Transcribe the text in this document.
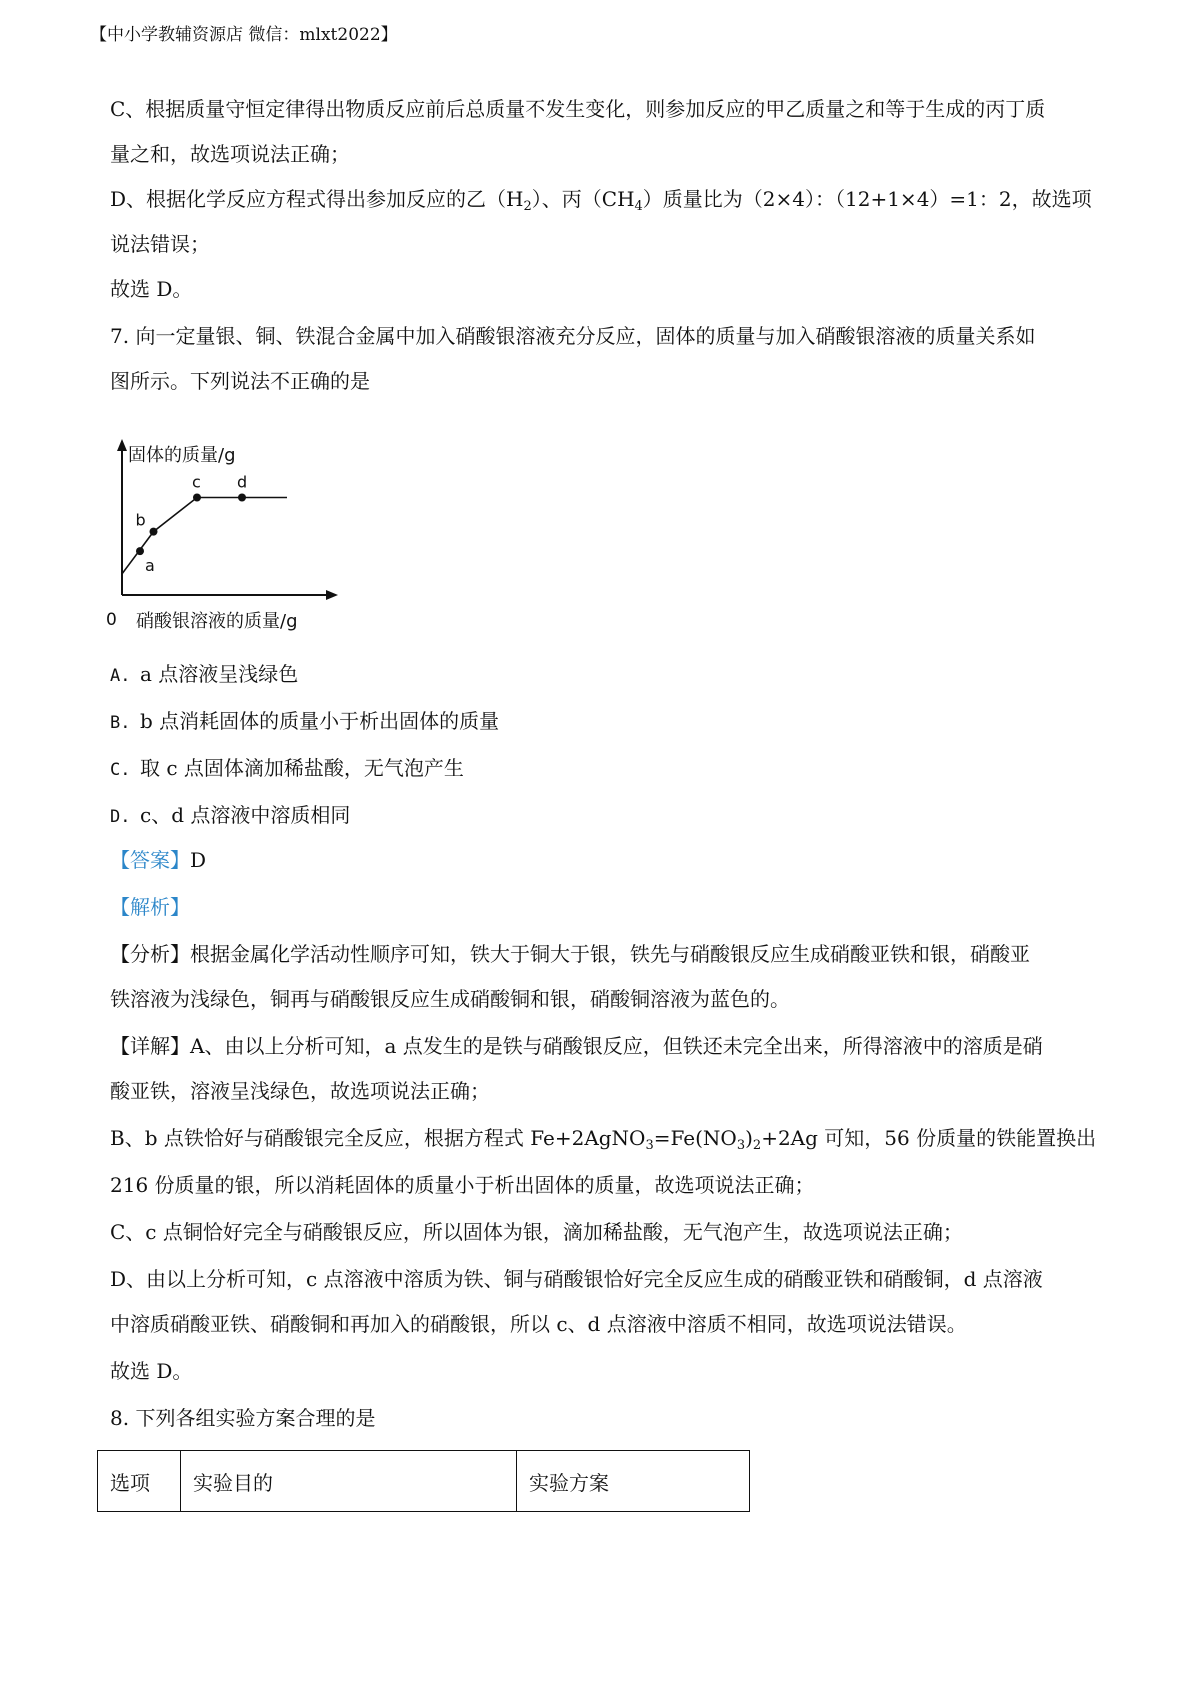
【中小学教辅资源店 微信：mlxt2022】
C、根据质量守恒定律得出物质反应前后总质量不发生变化，则参加反应的甲乙质量之和等于生成的丙丁质
量之和，故选项说法正确；
D、根据化学反应方程式得出参加反应的乙$(H_2)$、丙$(CH_4)$质量比为（2×4）：（12+1×4）=1：2，故选项
说法错误；
故选 D。
7. 向一定量银、铜、铁混合金属中加入硝酸银溶液充分反应，固体的质量与加入硝酸银溶液的质量关系如
图所示。下列说法不正确的是
固体的质量/g
硝酸银溶液的质量/g
0
a
b
c d
A. a 点溶液呈浅绿色
B. b 点消耗固体的质量小于析出固体的质量
C. 取 c 点固体滴加稀盐酸，无气泡产生
D. c、d 点溶液中溶质相同
【答案】D
【解析】
【分析】根据金属化学活动性顺序可知，铁大于铜大于银，铁先与硝酸银反应生成硝酸亚铁和银，硝酸亚
铁溶液为浅绿色，铜再与硝酸银反应生成硝酸铜和银，硝酸铜溶液为蓝色的。
【详解】A、由以上分析可知，a 点发生的是铁与硝酸银反应，但铁还未完全出来，所得溶液中的溶质是硝
酸亚铁，溶液呈浅绿色，故选项说法正确；
B、b 点铁恰好与硝酸银完全反应，根据方程式 $Fe+2AgNO_3=Fe(NO_3)_2+2Ag$ 可知，56 份质量的铁能置换出
216 份质量的银，所以消耗固体的质量小于析出固体的质量，故选项说法正确；
C、c 点铜恰好完全与硝酸银反应，所以固体为银，滴加稀盐酸，无气泡产生，故选项说法正确；
D、由以上分析可知，c 点溶液中溶质为铁、铜与硝酸银恰好完全反应生成的硝酸亚铁和硝酸铜，d 点溶液
中溶质硝酸亚铁、硝酸铜和再加入的硝酸银，所以 c、d 点溶液中溶质不相同，故选项说法错误。
故选 D。
8. 下列各组实验方案合理的是
选项	实验目的	实验方案
